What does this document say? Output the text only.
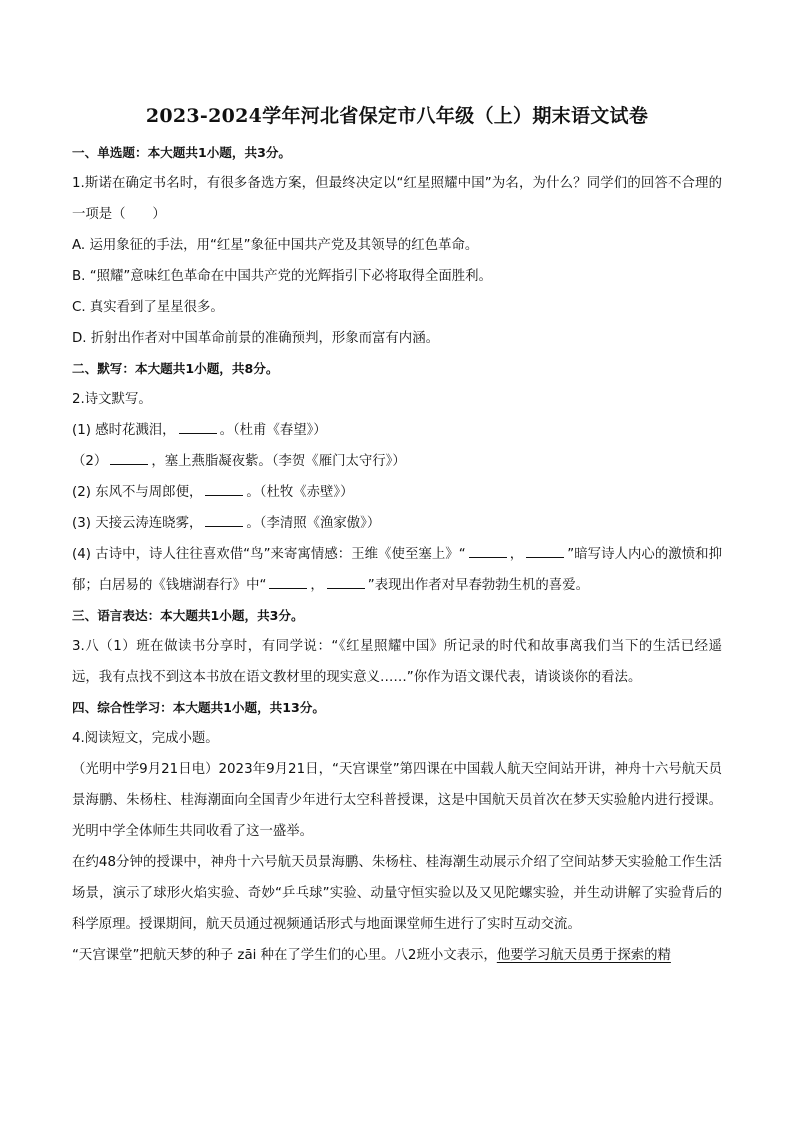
2023-2024学年河北省保定市八年级（上）期末语文试卷
一、单选题：本大题共1小题，共3分。
1.斯诺在确定书名时，有很多备选方案，但最终决定以“红星照耀中国”为名，为什么？同学们的回答不合理的一项是（　　）
A. 运用象征的手法，用“红星”象征中国共产党及其领导的红色革命。
B. “照耀”意味红色革命在中国共产党的光辉指引下必将取得全面胜利。
C. 真实看到了星星很多。
D. 折射出作者对中国革命前景的准确预判，形象而富有内涵。
二、默写：本大题共1小题，共8分。
2.诗文默写。
(1) 感时花溅泪，	。（杜甫《春望》）
（2）	，塞上燕脂凝夜紫。（李贺《雁门太守行》）
(2) 东风不与周郎便，	。（杜牧《赤壁》）
(3) 天接云涛连晓雾，	。（李清照《渔家傲》）
(4) 古诗中，诗人往往喜欢借“鸟”来寄寓情感：王维《使至塞上》“	，	”暗写诗人内心的激愤和抑郁；白居易的《钱塘湖春行》中“	，	”表现出作者对早春勃勃生机的喜爱。
三、语言表达：本大题共1小题，共3分。
3.八（1）班在做读书分享时，有同学说：“《红星照耀中国》所记录的时代和故事离我们当下的生活已经遥远，我有点找不到这本书放在语文教材里的现实意义……”你作为语文课代表，请谈谈你的看法。
四、综合性学习：本大题共1小题，共13分。
4.阅读短文，完成小题。
（光明中学9月21日电）2023年9月21日，“天宫课堂”第四课在中国载人航天空间站开讲，神舟十六号航天员景海鹏、朱杨柱、桂海潮面向全国青少年进行太空科普授课，这是中国航天员首次在梦天实验舱内进行授课。光明中学全体师生共同收看了这一盛举。
在约48分钟的授课中，神舟十六号航天员景海鹏、朱杨柱、桂海潮生动展示介绍了空间站梦天实验舱工作生活场景，演示了球形火焰实验、奇妙“乒乓球”实验、动量守恒实验以及又见陀螺实验，并生动讲解了实验背后的科学原理。授课期间，航天员通过视频通话形式与地面课堂师生进行了实时互动交流。
“天宫课堂”把航天梦的种子 zāi 种在了学生们的心里。八2班小文表示，他要学习航天员勇于探索的精
